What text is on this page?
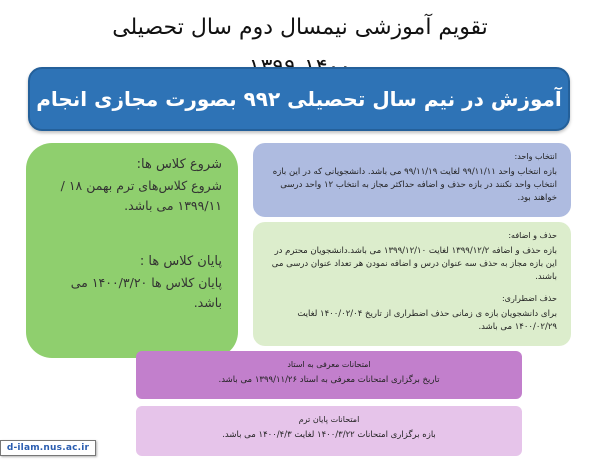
تقویم آموزشی نیمسال دوم سال تحصیلی
آموزش در نیم سال تحصیلی ۹۹۲ بصورت مجازی انجام
شروع کلاس ها:
شروع کلاس‌های ترم بهمن ۱۸ /۱۳۹۹/۱۱ می باشد.
پایان کلاس ها :
پایان کلاس ها ۱۴۰۰/۳/۲۰ می باشد.
انتخاب واحد:
بازه انتخاب واحد ۹۹/۱۱/۱۱ لغایت ۹۹/۱۱/۱۹ می باشد. دانشجویانی که در این بازه انتخاب واحد نکنند در بازه حذف و اضافه حداکثر مجاز به انتخاب ۱۲ واحد درسی خواهند بود.
حذف و اضافه:
بازه حذف و اضافه ۱۳۹۹/۱۲/۲ لغایت ۱۳۹۹/۱۲/۱۰ می باشد.دانشجویان محترم در این بازه مجاز به حذف سه عنوان درس و اضافه نمودن هر تعداد عنوان درسی می باشند.
حذف اضطراری:
برای دانشجویان بازه ی زمانی حذف اضطراری از تاریخ ۱۴۰۰/۰۲/۰۴ لغایت ۱۴۰۰/۰۲/۲۹ می باشد.
امتحانات معرفی به استاد
تاریخ برگزاری امتحانات معرفی به استاد ۱۳۹۹/۱۱/۲۶ می باشد.
امتحانات پایان ترم
بازه برگزاری امتحانات ۱۴۰۰/۳/۲۲ لغایت ۱۴۰۰/۴/۳ می باشد.
d-ilam.nus.ac.ir
